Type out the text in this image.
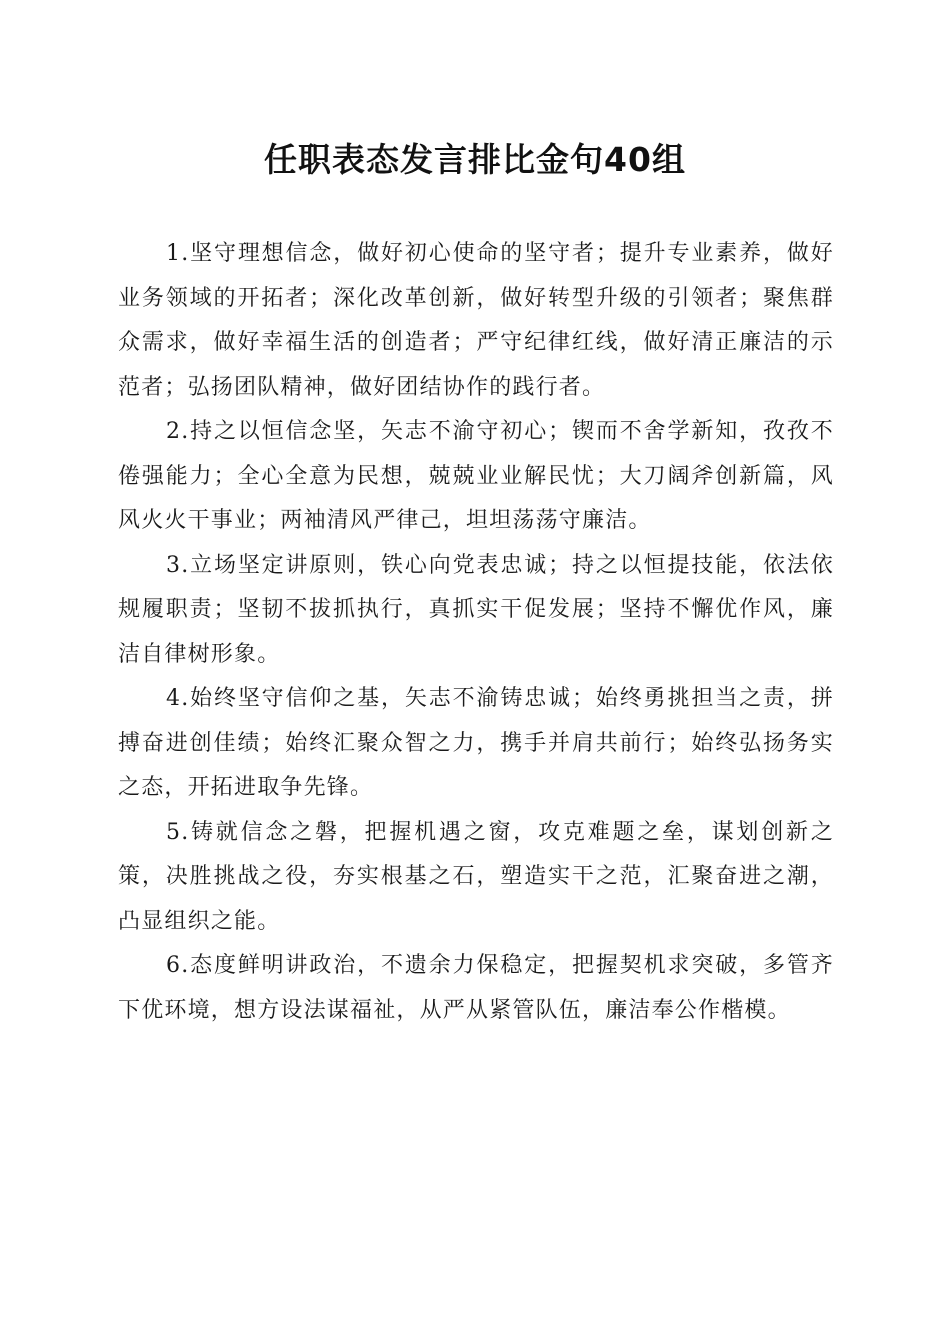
任职表态发言排比金句40组

1.坚守理想信念，做好初心使命的坚守者；提升专业素养，做好业务领域的开拓者；深化改革创新，做好转型升级的引领者；聚焦群众需求，做好幸福生活的创造者；严守纪律红线，做好清正廉洁的示范者；弘扬团队精神，做好团结协作的践行者。

2.持之以恒信念坚，矢志不渝守初心；锲而不舍学新知，孜孜不倦强能力；全心全意为民想，兢兢业业解民忧；大刀阔斧创新篇，风风火火干事业；两袖清风严律己，坦坦荡荡守廉洁。

3.立场坚定讲原则，铁心向党表忠诚；持之以恒提技能，依法依规履职责；坚韧不拔抓执行，真抓实干促发展；坚持不懈优作风，廉洁自律树形象。

4.始终坚守信仰之基，矢志不渝铸忠诚；始终勇挑担当之责，拼搏奋进创佳绩；始终汇聚众智之力，携手并肩共前行；始终弘扬务实之态，开拓进取争先锋。

5.铸就信念之磐，把握机遇之窗，攻克难题之垒，谋划创新之策，决胜挑战之役，夯实根基之石，塑造实干之范，汇聚奋进之潮，凸显组织之能。

6.态度鲜明讲政治，不遗余力保稳定，把握契机求突破，多管齐下优环境，想方设法谋福祉，从严从紧管队伍，廉洁奉公作楷模。
